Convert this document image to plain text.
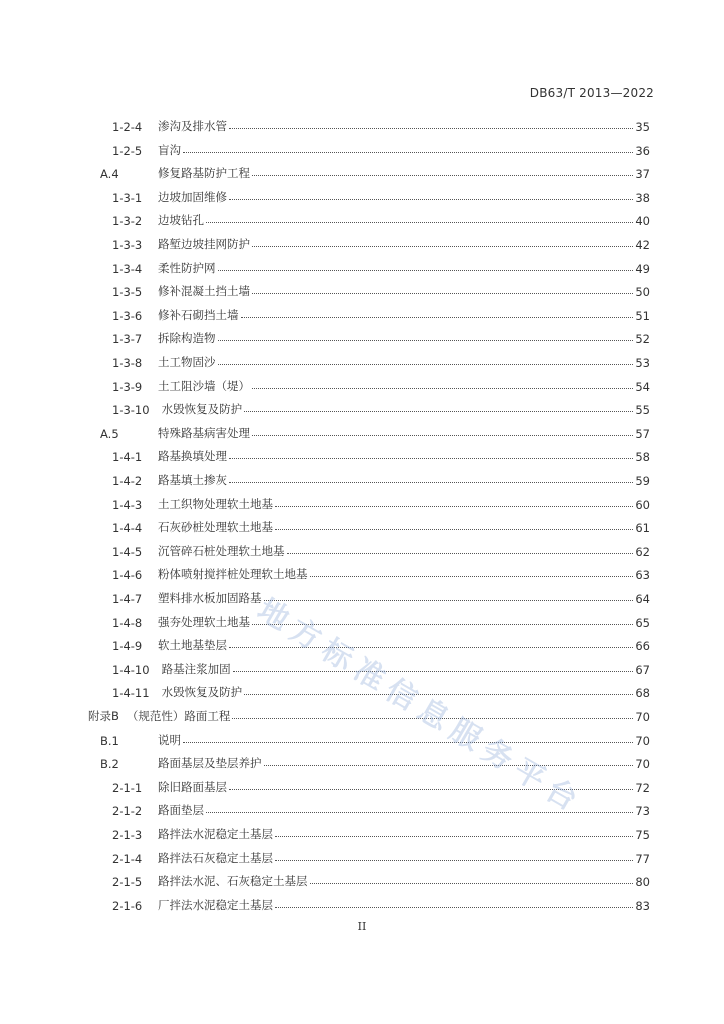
DB63/T 2013—2022
1-2-4	渗沟及排水管	35
1-2-5	盲沟	36
A.4	修复路基防护工程	37
1-3-1	边坡加固维修	38
1-3-2	边坡钻孔	40
1-3-3	路堑边坡挂网防护	42
1-3-4	柔性防护网	49
1-3-5	修补混凝土挡土墙	50
1-3-6	修补石砌挡土墙	51
1-3-7	拆除构造物	52
1-3-8	土工物固沙	53
1-3-9	土工阻沙墙（堤）	54
1-3-10 水毁恢复及防护	55
A.5	特殊路基病害处理	57
1-4-1	路基换填处理	58
1-4-2	路基填土掺灰	59
1-4-3	土工织物处理软土地基	60
1-4-4	石灰砂桩处理软土地基	61
1-4-5	沉管碎石桩处理软土地基	62
1-4-6	粉体喷射搅拌桩处理软土地基	63
1-4-7	塑料排水板加固路基	64
1-4-8	强夯处理软土地基	65
1-4-9	软土地基垫层	66
1-4-10 路基注浆加固	67
1-4-11 水毁恢复及防护	68
附录B （规范性）路面工程	70
B.1	说明	70
B.2	路面基层及垫层养护	70
2-1-1	除旧路面基层	72
2-1-2	路面垫层	73
2-1-3	路拌法水泥稳定土基层	75
2-1-4	路拌法石灰稳定土基层	77
2-1-5	路拌法水泥、石灰稳定土基层	80
2-1-6	厂拌法水泥稳定土基层	83
II
地
方
标
准
信
息
服
务
平
台
